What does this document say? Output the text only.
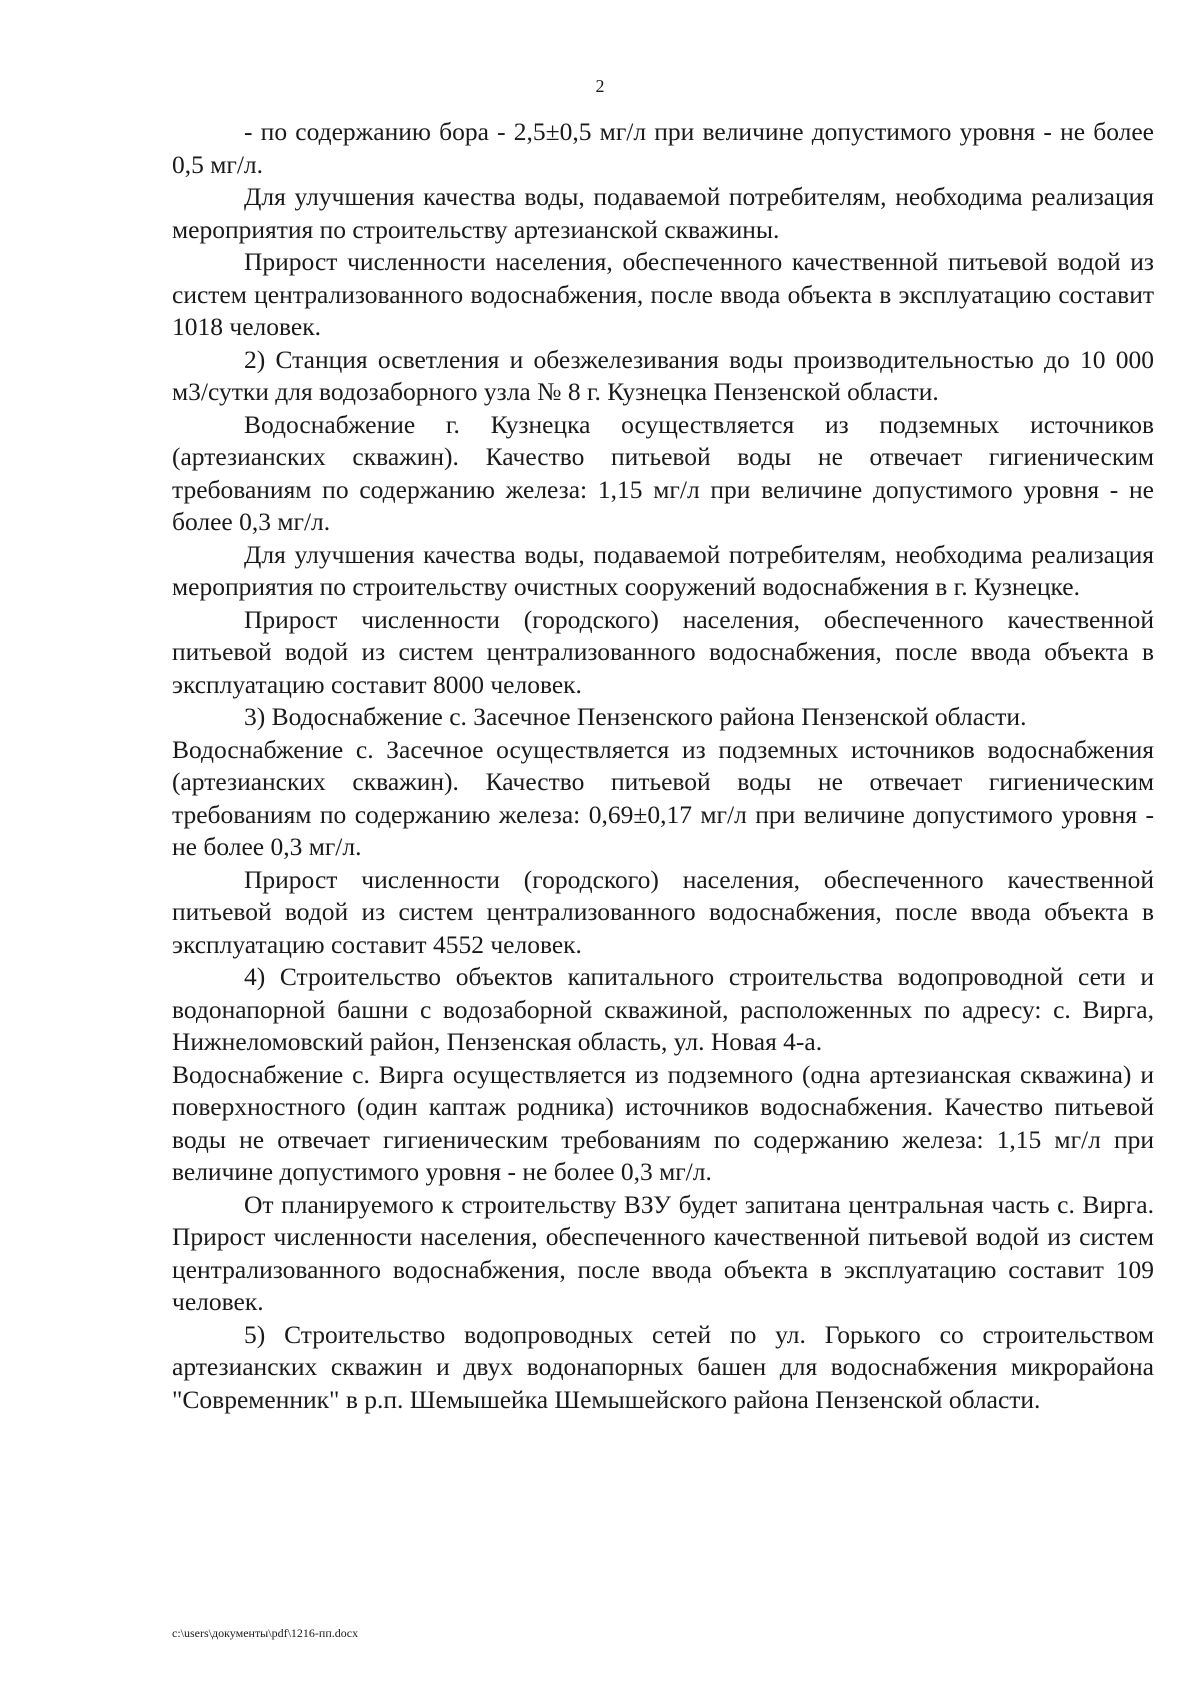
2

- по содержанию бора - 2,5±0,5 мг/л при величине допустимого уровня - не более 0,5 мг/л.

Для улучшения качества воды, подаваемой потребителям, необходима реализация мероприятия по строительству артезианской скважины.

Прирост численности населения, обеспеченного качественной питьевой водой из систем централизованного водоснабжения, после ввода объекта в эксплуатацию составит 1018 человек.

2) Станция осветления и обезжелезивания воды производительностью до 10 000 м3/сутки для водозаборного узла № 8 г. Кузнецка Пензенской области.

Водоснабжение г. Кузнецка осуществляется из подземных источников (артезианских скважин). Качество питьевой воды не отвечает гигиеническим требованиям по содержанию железа: 1,15 мг/л при величине допустимого уровня - не более 0,3 мг/л.

Для улучшения качества воды, подаваемой потребителям, необходима реализация мероприятия по строительству очистных сооружений водоснабжения в г. Кузнецке.

Прирост численности (городского) населения, обеспеченного качественной питьевой водой из систем централизованного водоснабжения, после ввода объекта в эксплуатацию составит 8000 человек.

3) Водоснабжение с. Засечное Пензенского района Пензенской области.

Водоснабжение с. Засечное осуществляется из подземных источников водоснабжения (артезианских скважин). Качество питьевой воды не отвечает гигиеническим требованиям по содержанию железа: 0,69±0,17 мг/л при величине допустимого уровня - не более 0,3 мг/л.

Прирост численности (городского) населения, обеспеченного качественной питьевой водой из систем централизованного водоснабжения, после ввода объекта в эксплуатацию составит 4552 человек.

4) Строительство объектов капитального строительства водопроводной сети и водонапорной башни с водозаборной скважиной, расположенных по адресу: с. Вирга, Нижнеломовский район, Пензенская область, ул. Новая 4-а.

Водоснабжение с. Вирга осуществляется из подземного (одна артезианская скважина) и поверхностного (один каптаж родника) источников водоснабжения. Качество питьевой воды не отвечает гигиеническим требованиям по содержанию железа: 1,15 мг/л при величине допустимого уровня - не более 0,3 мг/л.

От планируемого к строительству ВЗУ будет запитана центральная часть с. Вирга. Прирост численности населения, обеспеченного качественной питьевой водой из систем централизованного водоснабжения, после ввода объекта в эксплуатацию составит 109 человек.

5) Строительство водопроводных сетей по ул. Горького со строительством артезианских скважин и двух водонапорных башен для водоснабжения микрорайона "Современник" в р.п. Шемышейка Шемышейского района Пензенской области.

c:\users\документы\pdf\1216-пп.docx
